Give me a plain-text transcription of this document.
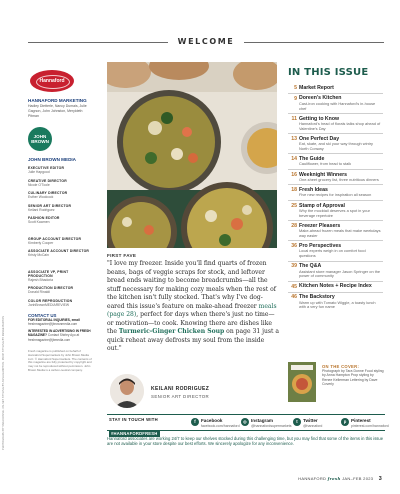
WELCOME
PHOTOGRAPH BY TARA DONNE. ON-SET STYLING BY ANNA HAMPTON. PROP STYLING BY RENEE BARTON
Hannaford
HANNAFORD MARKETING
Hadley Dietterle, Nancy Dumais, Julie Gagnon, John Johnston, Meryldeth Pitman
JOHN BROWN
JOHN BROWN MEDIA
EXECUTIVE EDITOR
Julie Hapgood
CREATIVE DIRECTOR
Nicole O'Toole
CULINARY DIRECTOR
Esther Woolcock
SENIOR ART DIRECTOR
Keilani Rodriguez
FASHION EDITOR
Scott Kaarnen
GROUP ACCOUNT DIRECTOR
Kimberly Cooper
ASSOCIATE ACCOUNT DIRECTOR
Kristy McCain
ASSOCIATE VP, PRINT PRODUCTION
Rajesh Bhadoria
PRODUCTION DIRECTOR
Donald Rinaldi
COLOR REPRODUCTION
JonhBrownMEDIAREVIEW
CONTACT US
FOR EDITORIAL INQUIRIES, email freshmagazine@jbrownmedia.com
INTERESTED IN ADVERTISING IN FRESH MAGAZINE? Contact Shirley Ayo at freshmagazine@jbmedia.com
Fresh magazine is published on behalf of Hannaford Supermarkets by John Brown Media LLC. © Hannaford Supermarkets. The contents of this magazine are fully protected by copyright and may not be reproduced without permission. John Brown Media is a carbon-neutral company.
FIRST FAVE
"I love my freezer. Inside you'll find quarts of frozen beans, bags of veggie scraps for stock, and leftover bread ends waiting to become breadcrumbs—all the stuff necessary for making cozy meals when the rest of the kitchen isn't fully stocked. That's why I've dog-eared this issue's feature on make-ahead freezer meals (page 28), perfect for days when there's just no time—or motivation—to cook. Knowing there are dishes like the Turmeric-Ginger Chicken Soup on page 31 just a quick reheat away defrosts my soul from the inside out."
KEILANI RODRIGUEZ
SENIOR ART DIRECTOR
IN THIS ISSUE
5 Market Report
9 Doreen's Kitchen
Cast-iron cooking with Hannaford's in-house chef
11 Getting to Know
Hannaford's head of florals talks shop ahead of Valentine's Day
13 One Perfect Day
Eat, skate, and ski your way through wintry North Conway
14 The Guide
Cauliflower, from head to stalk
16 Weeknight Winners
One-sheet grocery list, three nutritious dinners
18 Fresh Ideas
Five new recipes for inspiration all season
25 Stamp of Approval
Why the mocktail deserves a spot in your beverage repertoire
28 Freezer Pleasers
Make-ahead frozen meals that make weekdays way easier
36 Pro Perspectives
Local experts weigh in on comfort food questions
39 The Q&A
Assistant store manager Jason Springer on the power of community
45 Kitchen Notes + Recipe Index
46 The Backstory
Warm up with Tomato Wiggle, a toasty lunch with a very fun name
ON THE COVER:
Photograph by Tara Donne Food styling by Anna Hampton Prop styling by Renee Kellerman Lettering by Dave Coverly
STAY IN TOUCH WITH
#HANNAFORDFRESH
f	Facebook
facebook.com/hannaford
◎ Instagram
@hannafordsupermarkets
t	Twitter
@hannaford
p	Pinterest
pinterest.com/hannaford
Hannaford associates are working 24/7 to keep our shelves stocked during this challenging time, but you may find that some of the items in this issue are not available in your store despite our best efforts. We sincerely apologize for any inconvenience.
HANNAFORD fresh JAN–FEB 2023 3
